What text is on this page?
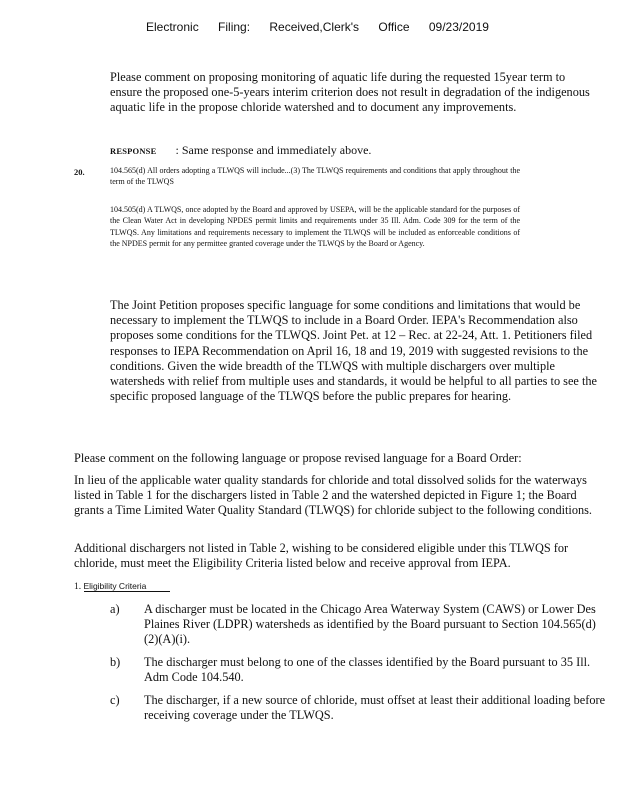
Electronic Filing: Received,Clerk's Office 09/23/2019
Please comment on proposing monitoring of aquatic life during the requested 15year term to ensure the proposed one-5-years interim criterion does not result in degradation of the indigenous aquatic life in the propose chloride watershed and to document any improvements.
RESPONSE : Same response and immediately above.
20.	104.565(d) All orders adopting a TLWQS will include...(3) The TLWQS requirements and conditions that apply throughout the term of the TLWQS
104.505(d) A TLWQS, once adopted by the Board and approved by USEPA, will be the applicable standard for the purposes of the Clean Water Act in developing NPDES permit limits and requirements under 35 Ill. Adm. Code 309 for the term of the TLWQS. Any limitations and requirements necessary to implement the TLWQS will be included as enforceable conditions of the NPDES permit for any permittee granted coverage under the TLWQS by the Board or Agency.
The Joint Petition proposes specific language for some conditions and limitations that would be necessary to implement the TLWQS to include in a Board Order. IEPA's Recommendation also proposes some conditions for the TLWQS. Joint Pet. at 12 – Rec. at 22-24, Att. 1. Petitioners filed responses to IEPA Recommendation on April 16, 18 and 19, 2019 with suggested revisions to the conditions. Given the wide breadth of the TLWQS with multiple dischargers over multiple watersheds with relief from multiple uses and standards, it would be helpful to all parties to see the specific proposed language of the TLWQS before the public prepares for hearing.
Please comment on the following language or propose revised language for a Board Order:
In lieu of the applicable water quality standards for chloride and total dissolved solids for the waterways listed in Table 1 for the dischargers listed in Table 2 and the watershed depicted in Figure 1; the Board grants a Time Limited Water Quality Standard (TLWQS) for chloride subject to the following conditions.
Additional dischargers not listed in Table 2, wishing to be considered eligible under this TLWQS for chloride, must meet the Eligibility Criteria listed below and receive approval from IEPA.
1. Eligibility Criteria
a) A discharger must be located in the Chicago Area Waterway System (CAWS) or Lower Des Plaines River (LDPR) watersheds as identified by the Board pursuant to Section 104.565(d)(2)(A)(i).
b) The discharger must belong to one of the classes identified by the Board pursuant to 35 Ill. Adm Code 104.540.
c) The discharger, if a new source of chloride, must offset at least their additional loading before receiving coverage under the TLWQS.
